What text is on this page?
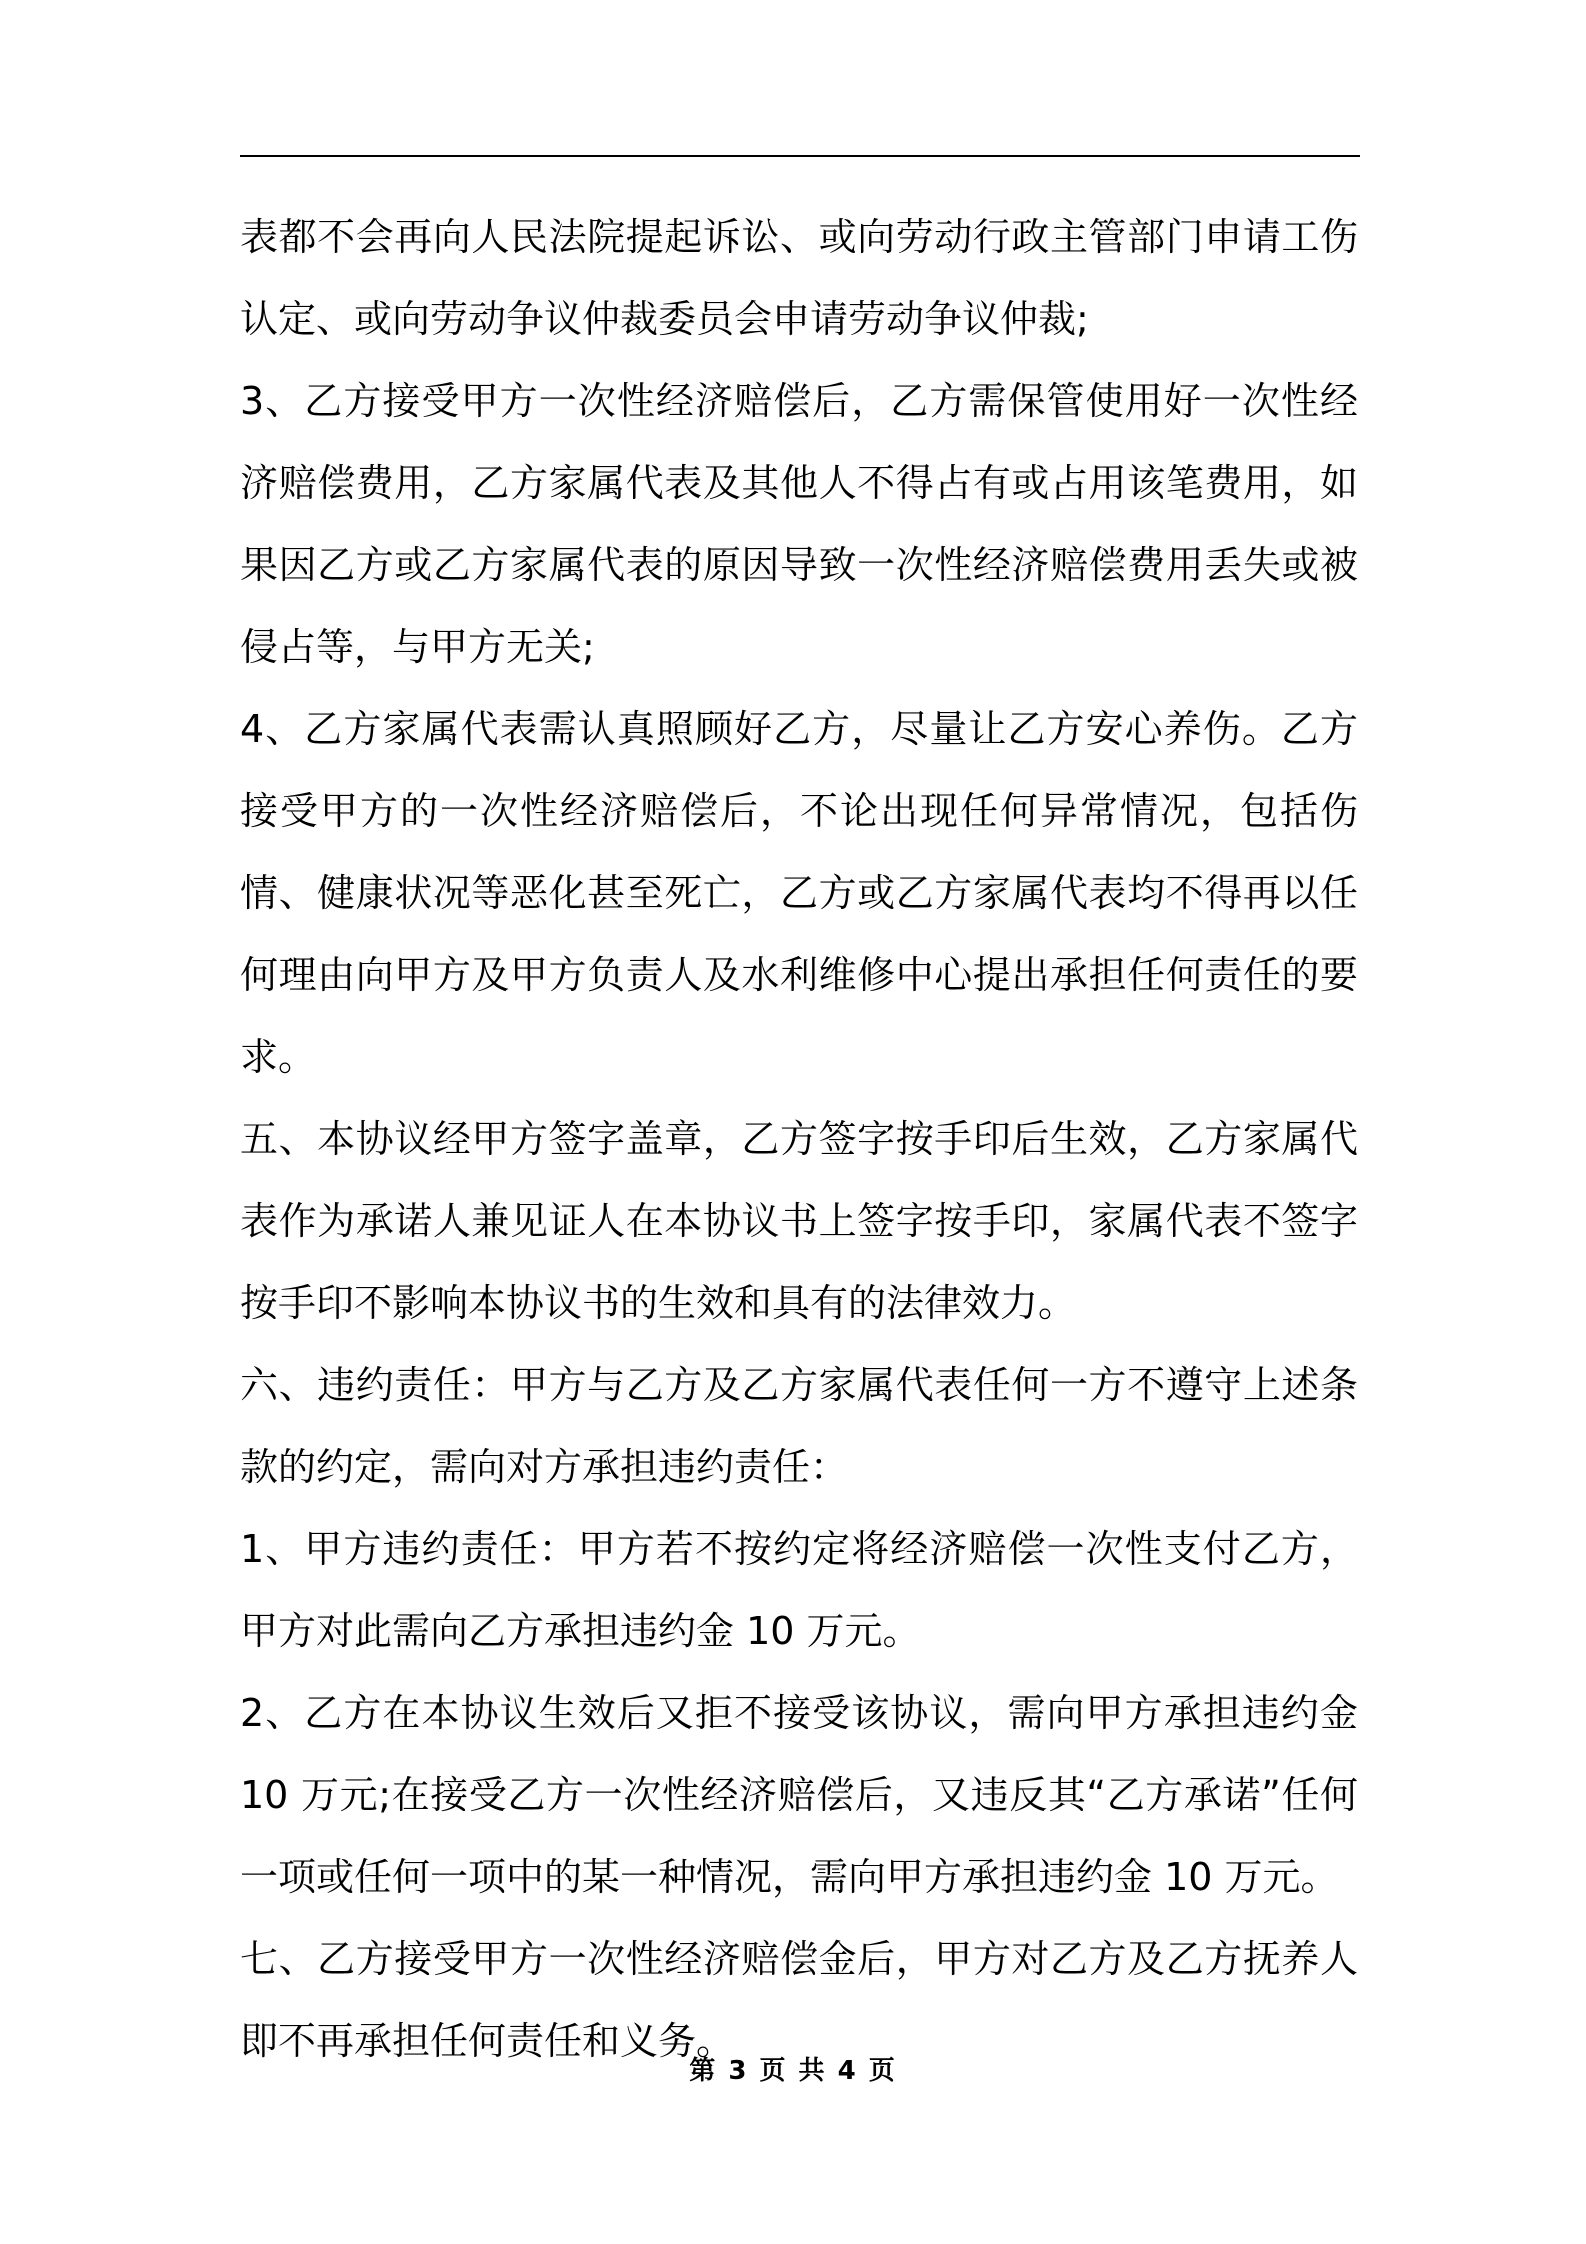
表都不会再向人民法院提起诉讼、或向劳动行政主管部门申请工伤认定、或向劳动争议仲裁委员会申请劳动争议仲裁;

3、乙方接受甲方一次性经济赔偿后，乙方需保管使用好一次性经济赔偿费用，乙方家属代表及其他人不得占有或占用该笔费用，如果因乙方或乙方家属代表的原因导致一次性经济赔偿费用丢失或被侵占等，与甲方无关;

4、乙方家属代表需认真照顾好乙方，尽量让乙方安心养伤。乙方接受甲方的一次性经济赔偿后，不论出现任何异常情况，包括伤情、健康状况等恶化甚至死亡，乙方或乙方家属代表均不得再以任何理由向甲方及甲方负责人及水利维修中心提出承担任何责任的要求。

五、本协议经甲方签字盖章，乙方签字按手印后生效，乙方家属代表作为承诺人兼见证人在本协议书上签字按手印，家属代表不签字按手印不影响本协议书的生效和具有的法律效力。

六、违约责任：甲方与乙方及乙方家属代表任何一方不遵守上述条款的约定，需向对方承担违约责任：

1、甲方违约责任：甲方若不按约定将经济赔偿一次性支付乙方，甲方对此需向乙方承担违约金 10 万元。

2、乙方在本协议生效后又拒不接受该协议，需向甲方承担违约金 10 万元;在接受乙方一次性经济赔偿后，又违反其“乙方承诺”任何一项或任何一项中的某一种情况，需向甲方承担违约金 10 万元。

七、乙方接受甲方一次性经济赔偿金后，甲方对乙方及乙方抚养人即不再承担任何责任和义务。

第 3 页 共 4 页
